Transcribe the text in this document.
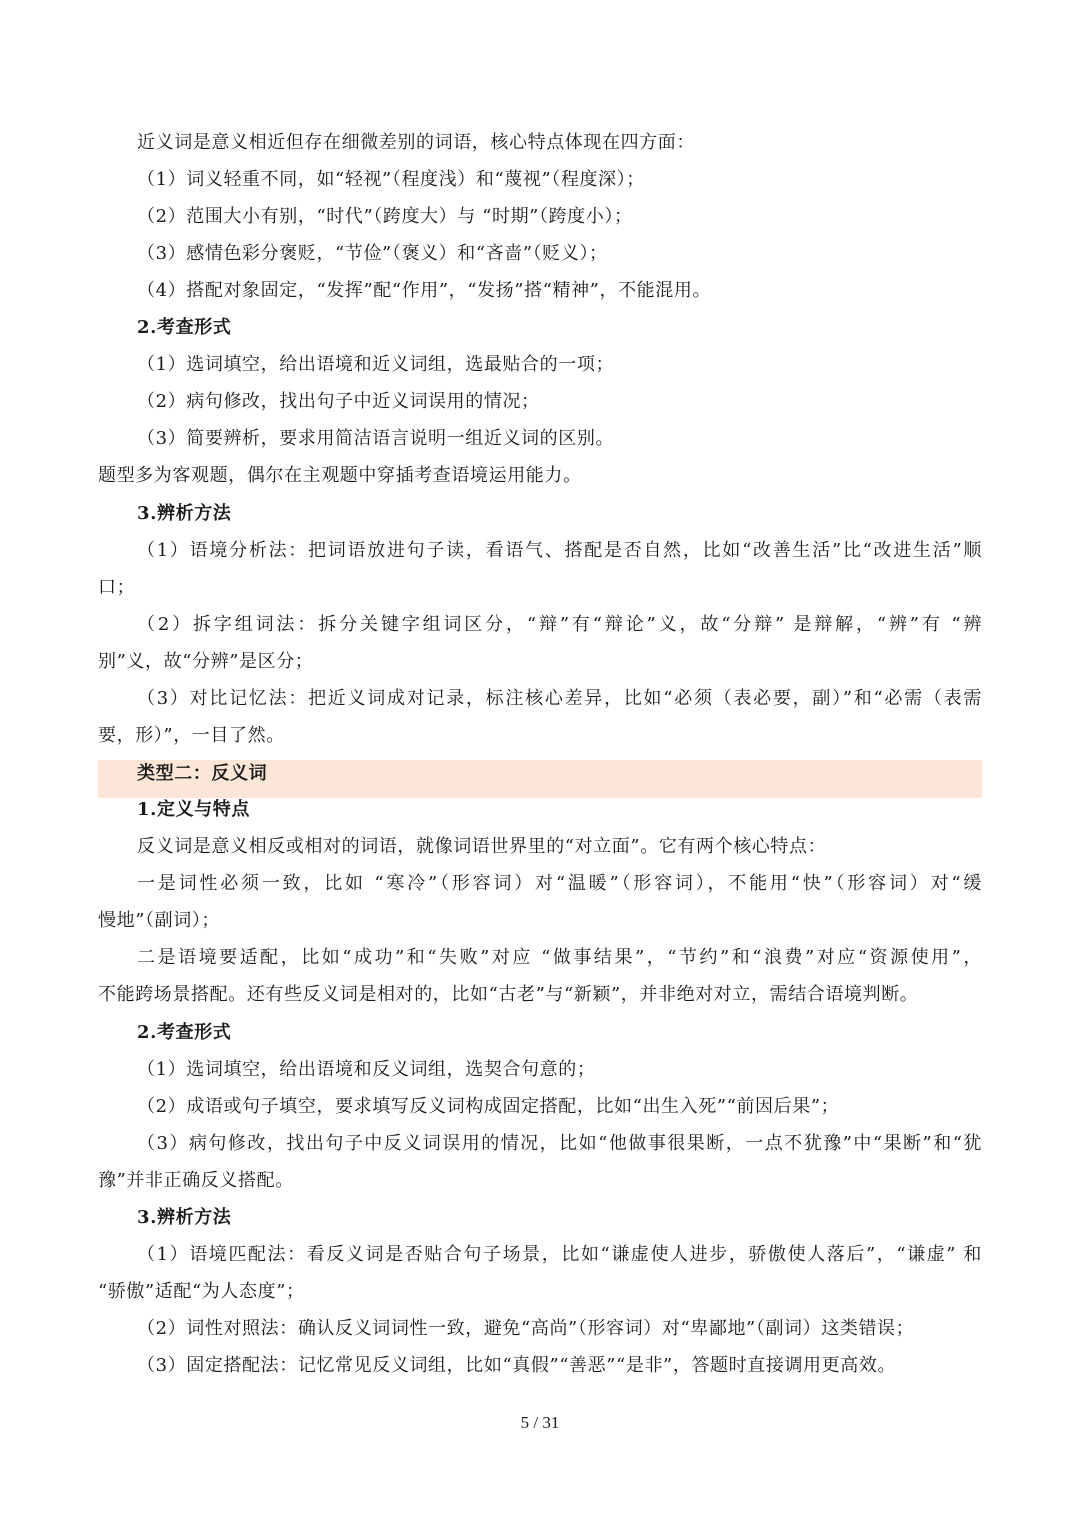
近义词是意义相近但存在细微差别的词语，核心特点体现在四方面：
（1）词义轻重不同，如“轻视”（程度浅）和“蔑视”（程度深）；
（2）范围大小有别，“时代”（跨度大）与 “时期”（跨度小）；
（3）感情色彩分褒贬，“节俭”（褒义）和“吝啬”（贬义）；
（4）搭配对象固定，“发挥”配“作用”，“发扬”搭“精神”，不能混用。
2.考查形式
（1）选词填空，给出语境和近义词组，选最贴合的一项；
（2）病句修改，找出句子中近义词误用的情况；
（3）简要辨析，要求用简洁语言说明一组近义词的区别。
题型多为客观题，偶尔在主观题中穿插考查语境运用能力。
3.辨析方法
（1）语境分析法：把词语放进句子读，看语气、搭配是否自然，比如“改善生活”比“改进生活”顺
口；
（2）拆字组词法：拆分关键字组词区分，“辩”有“辩论”义，故“分辩” 是辩解，“辨”有 “辨
别”义，故“分辨”是区分；
（3）对比记忆法：把近义词成对记录，标注核心差异，比如“必须（表必要，副）”和“必需（表需
要，形）”，一目了然。
类型二：反义词
1.定义与特点
反义词是意义相反或相对的词语，就像词语世界里的“对立面”。它有两个核心特点：
一是词性必须一致，比如 “寒冷”（形容词）对“温暖”（形容词），不能用“快”（形容词）对“缓
慢地”（副词）；
二是语境要适配，比如“成功”和“失败”对应 “做事结果”，“节约”和“浪费”对应“资源使用”，
不能跨场景搭配。还有些反义词是相对的，比如“古老”与“新颖”，并非绝对对立，需结合语境判断。
2.考查形式
（1）选词填空，给出语境和反义词组，选契合句意的；
（2）成语或句子填空，要求填写反义词构成固定搭配，比如“出生入死”“前因后果”；
（3）病句修改，找出句子中反义词误用的情况，比如“他做事很果断，一点不犹豫”中“果断”和“犹
豫”并非正确反义搭配。
3.辨析方法
（1）语境匹配法：看反义词是否贴合句子场景，比如“谦虚使人进步，骄傲使人落后”，“谦虚” 和
“骄傲”适配“为人态度”；
（2）词性对照法：确认反义词词性一致，避免“高尚”（形容词）对“卑鄙地”（副词）这类错误；
（3）固定搭配法：记忆常见反义词组，比如“真假”“善恶”“是非”，答题时直接调用更高效。
5 / 31
